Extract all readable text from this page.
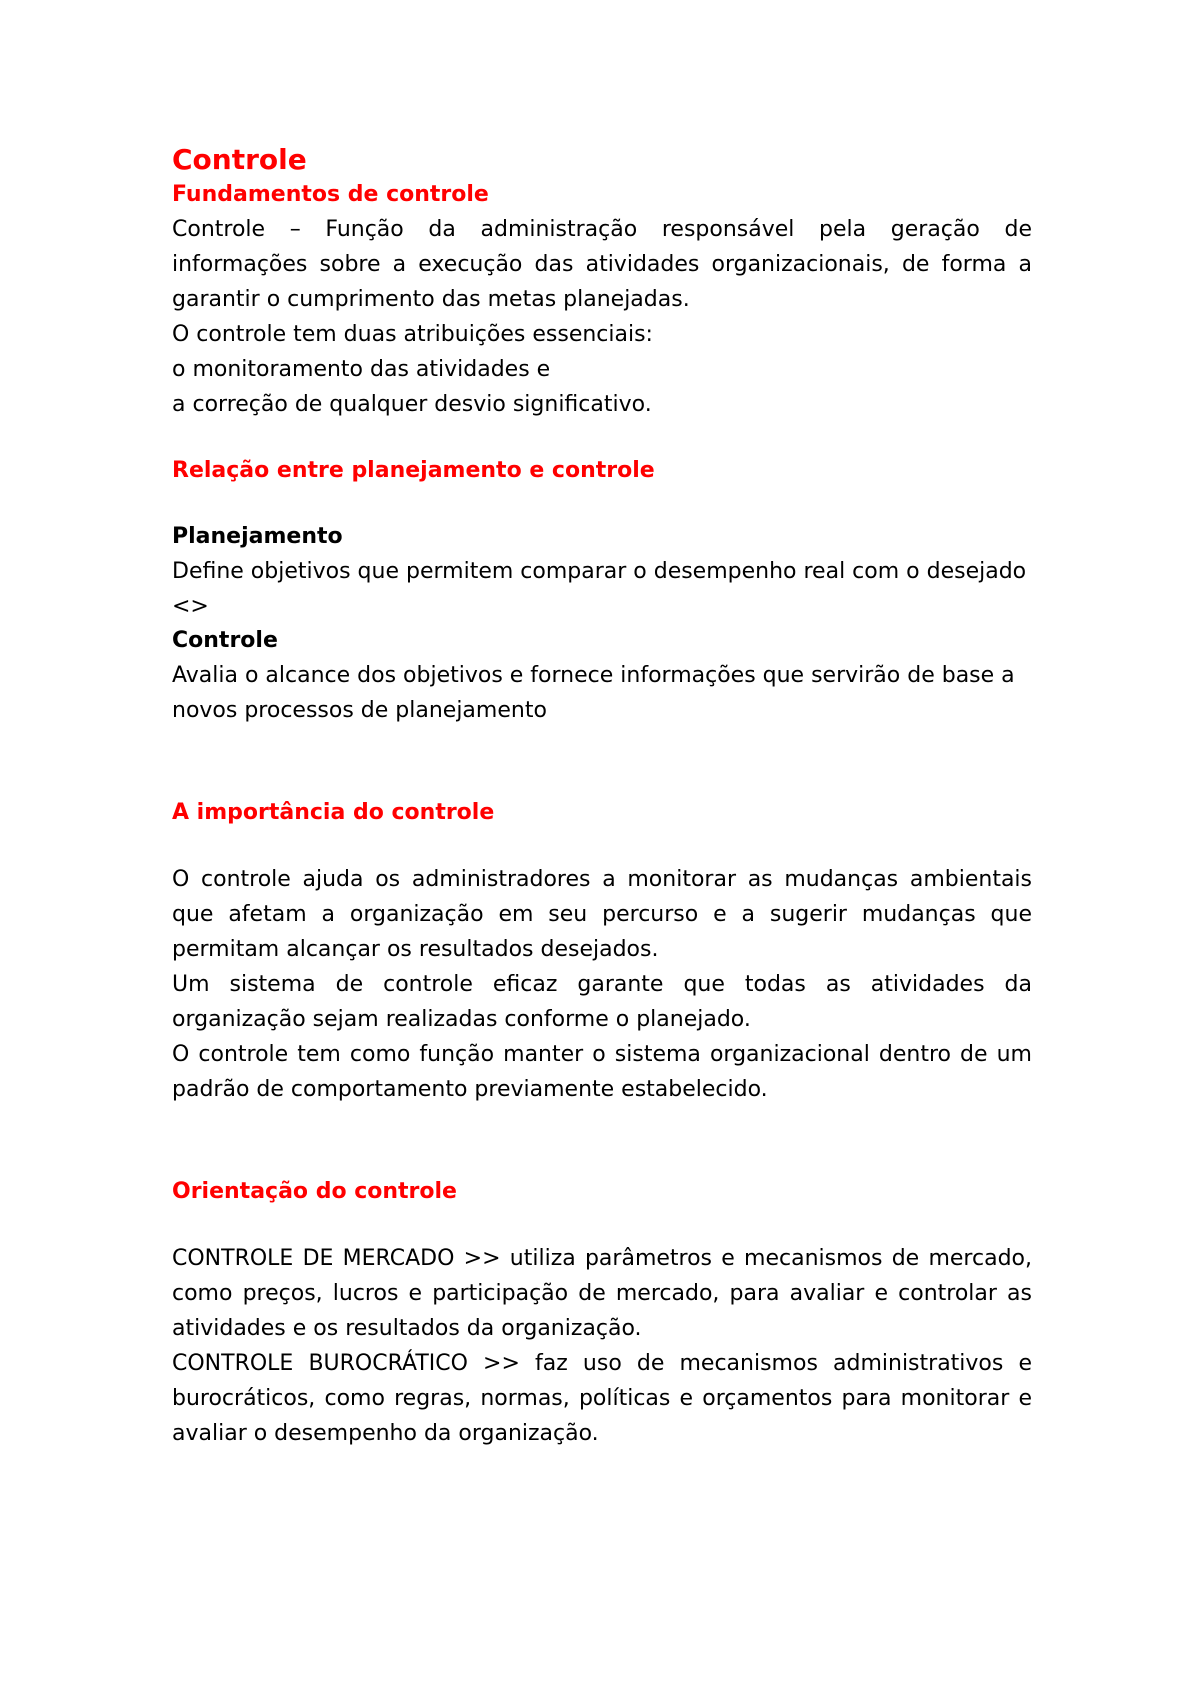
Controle
Fundamentos de controle

Controle – Função da administração responsável pela geração de informações sobre a execução das atividades organizacionais, de forma a garantir o cumprimento das metas planejadas.

O controle tem duas atribuições essenciais:

o monitoramento das atividades e

a correção de qualquer desvio significativo.

Relação entre planejamento e controle
Planejamento

Define objetivos que permitem comparar o desempenho real com o desejado <>

Controle

Avalia o alcance dos objetivos e fornece informações que servirão de base a novos processos de planejamento

A importância do controle

O controle ajuda os administradores a monitorar as mudanças ambientais que afetam a organização em seu percurso e a sugerir mudanças que permitam alcançar os resultados desejados.

Um sistema de controle eficaz garante que todas as atividades da organização sejam realizadas conforme o planejado.

O controle tem como função manter o sistema organizacional dentro de um padrão de comportamento previamente estabelecido.

Orientação do controle

CONTROLE DE MERCADO >> utiliza parâmetros e mecanismos de mercado, como preços, lucros e participação de mercado, para avaliar e controlar as atividades e os resultados da organização.

CONTROLE BUROCRÁTICO >> faz uso de mecanismos administrativos e burocráticos, como regras, normas, políticas e orçamentos para monitorar e avaliar o desempenho da organização.
